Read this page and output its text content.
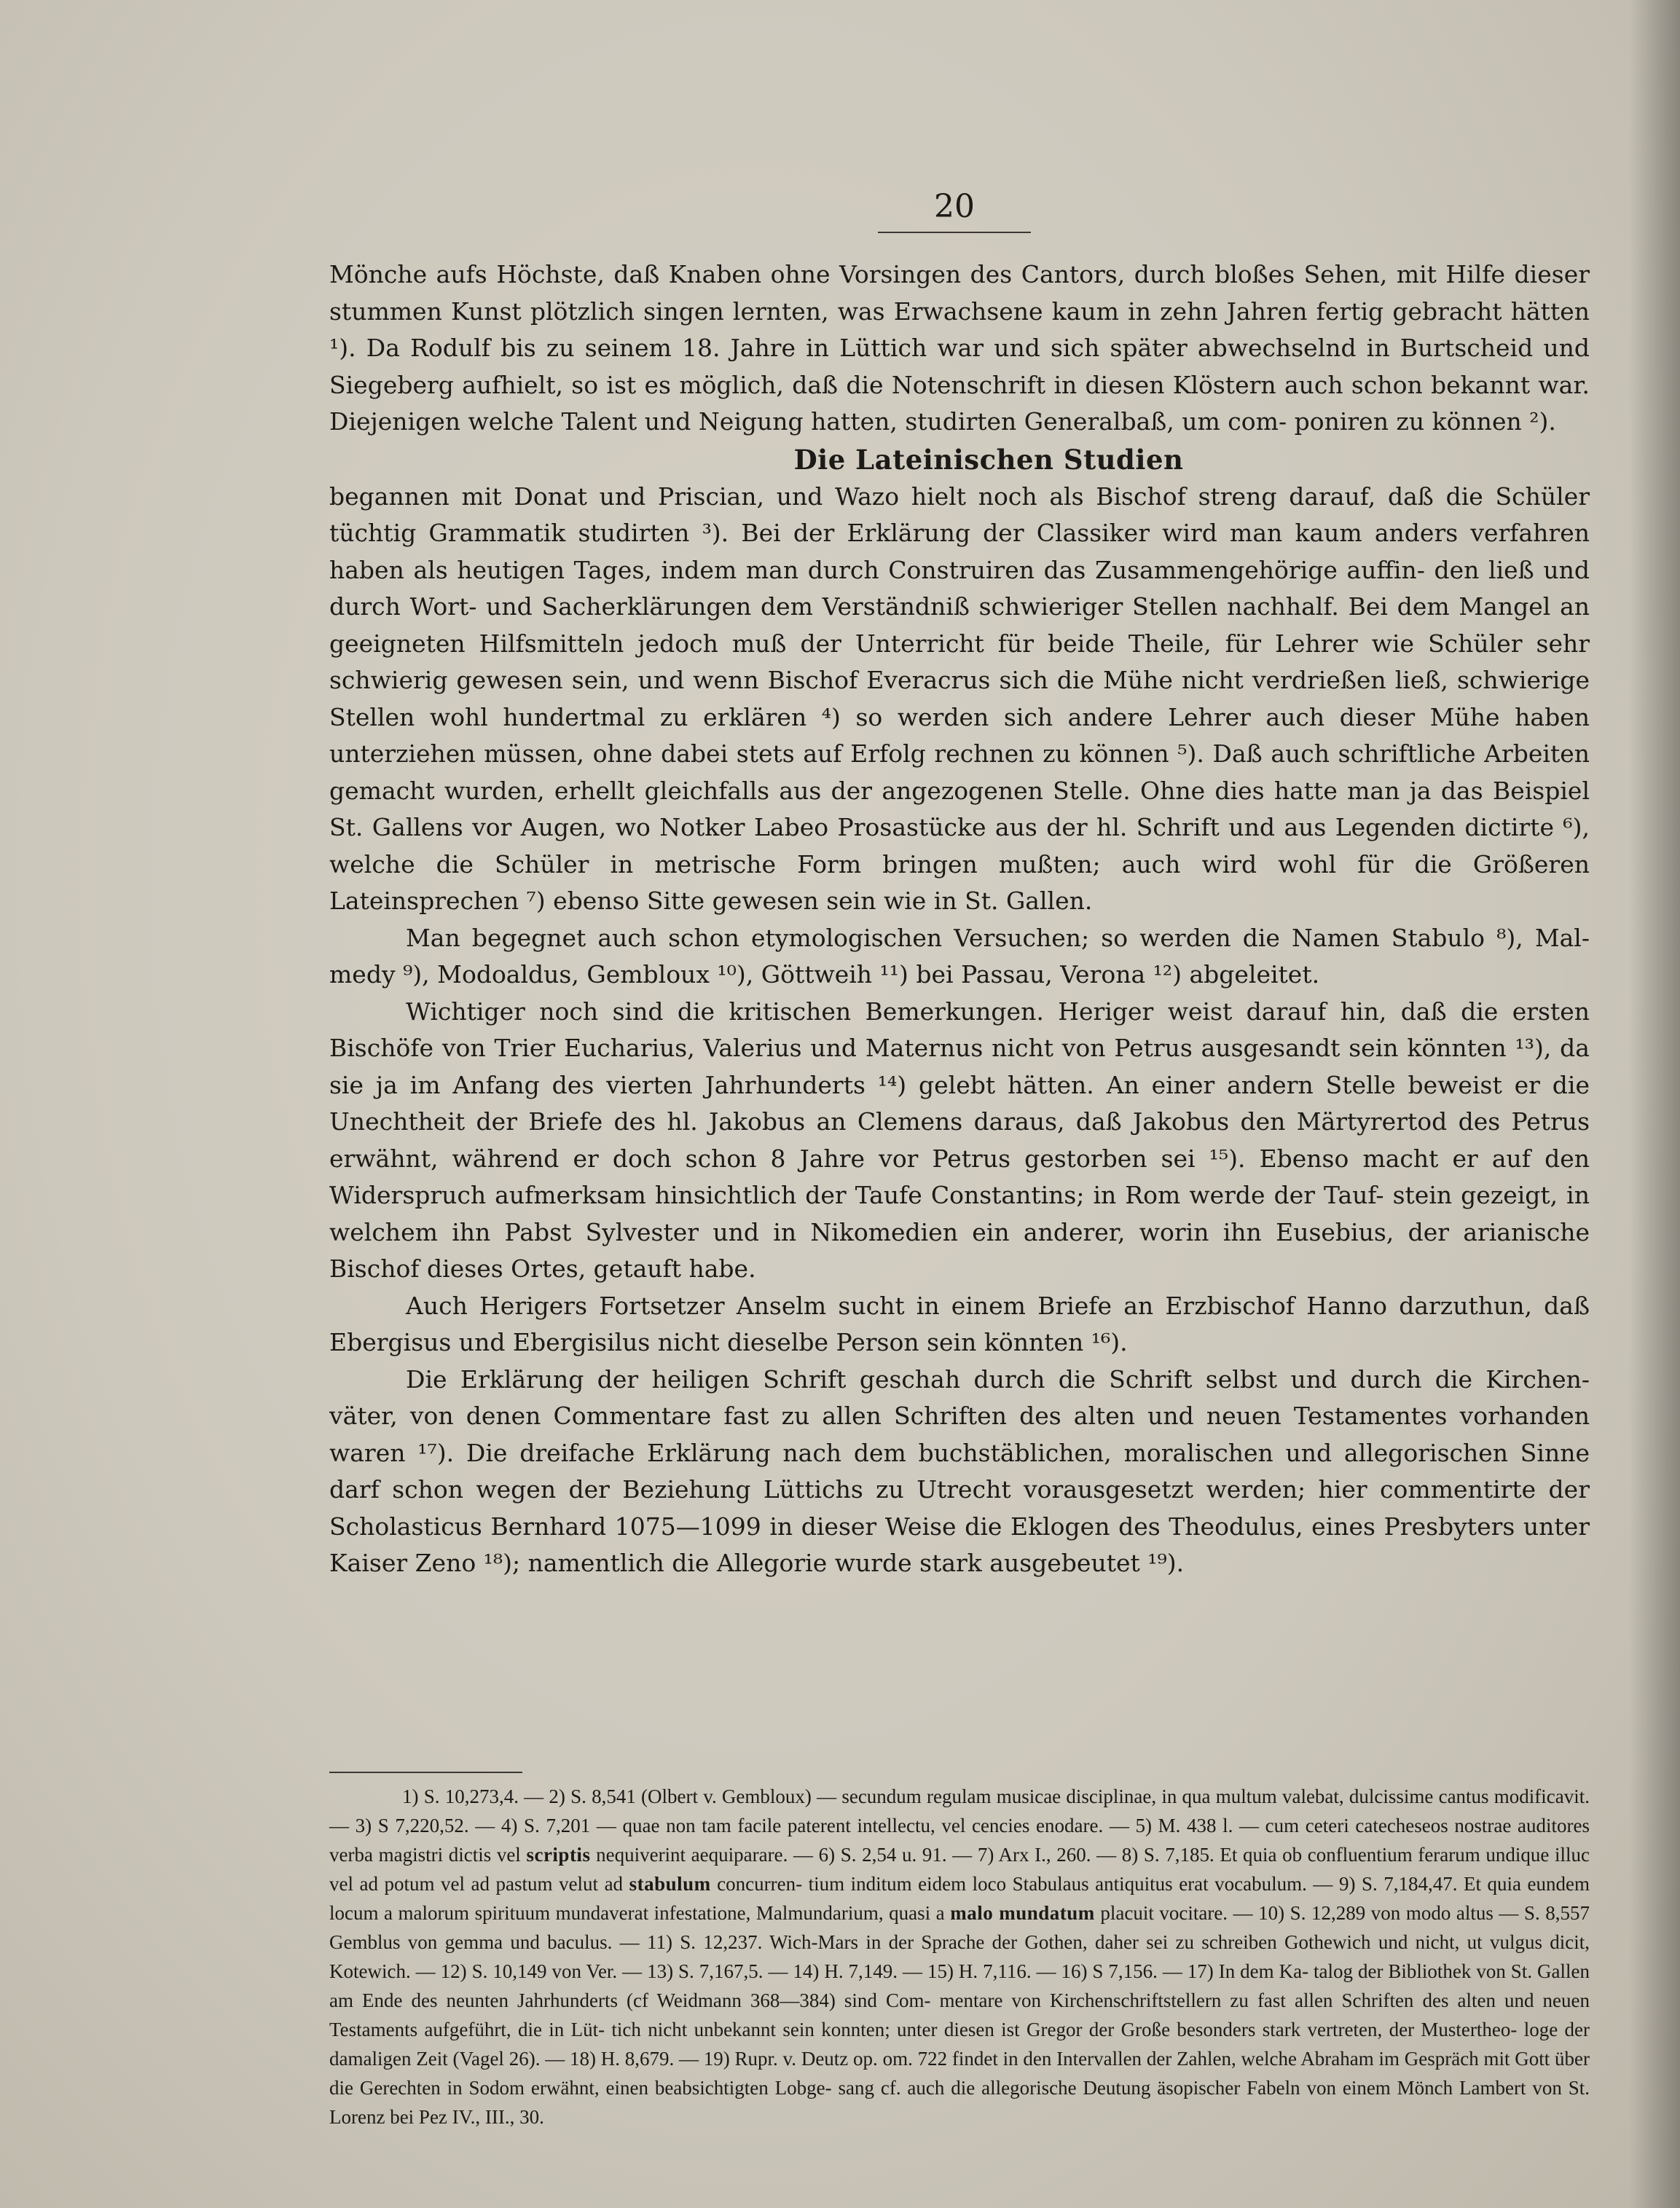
20

Mönche aufs Höchste, daß Knaben ohne Vorsingen des Cantors, durch bloßes Sehen, mit Hilfe dieser stummen Kunst plötzlich singen lernten, was Erwachsene kaum in zehn Jahren fertig gebracht hätten ¹). Da Rodulf bis zu seinem 18. Jahre in Lüttich war und sich später abwechselnd in Burtscheid und Siegeberg aufhielt, so ist es möglich, daß die Notenschrift in diesen Klöstern auch schon bekannt war. Diejenigen welche Talent und Neigung hatten, studirten Generalbaß, um com- poniren zu können ²).

Die Lateinischen Studien

begannen mit Donat und Priscian, und Wazo hielt noch als Bischof streng darauf, daß die Schüler tüchtig Grammatik studirten ³). Bei der Erklärung der Classiker wird man kaum anders verfahren haben als heutigen Tages, indem man durch Construiren das Zusammengehörige auffin- den ließ und durch Wort- und Sacherklärungen dem Verständniß schwieriger Stellen nachhalf. Bei dem Mangel an geeigneten Hilfsmitteln jedoch muß der Unterricht für beide Theile, für Lehrer wie Schüler sehr schwierig gewesen sein, und wenn Bischof Everacrus sich die Mühe nicht verdrießen ließ, schwierige Stellen wohl hundertmal zu erklären ⁴) so werden sich andere Lehrer auch dieser Mühe haben unterziehen müssen, ohne dabei stets auf Erfolg rechnen zu können ⁵). Daß auch schriftliche Arbeiten gemacht wurden, erhellt gleichfalls aus der angezogenen Stelle. Ohne dies hatte man ja das Beispiel St. Gallens vor Augen, wo Notker Labeo Prosastücke aus der hl. Schrift und aus Legenden dictirte ⁶), welche die Schüler in metrische Form bringen mußten; auch wird wohl für die Größeren Lateinsprechen ⁷) ebenso Sitte gewesen sein wie in St. Gallen.

Man begegnet auch schon etymologischen Versuchen; so werden die Namen Stabulo ⁸), Mal- medy ⁹), Modoaldus, Gembloux ¹⁰), Göttweih ¹¹) bei Passau, Verona ¹²) abgeleitet.

Wichtiger noch sind die kritischen Bemerkungen. Heriger weist darauf hin, daß die ersten Bischöfe von Trier Eucharius, Valerius und Maternus nicht von Petrus ausgesandt sein könnten ¹³), da sie ja im Anfang des vierten Jahrhunderts ¹⁴) gelebt hätten. An einer andern Stelle beweist er die Unechtheit der Briefe des hl. Jakobus an Clemens daraus, daß Jakobus den Märtyrertod des Petrus erwähnt, während er doch schon 8 Jahre vor Petrus gestorben sei ¹⁵). Ebenso macht er auf den Widerspruch aufmerksam hinsichtlich der Taufe Constantins; in Rom werde der Tauf- stein gezeigt, in welchem ihn Pabst Sylvester und in Nikomedien ein anderer, worin ihn Eusebius, der arianische Bischof dieses Ortes, getauft habe.

Auch Herigers Fortsetzer Anselm sucht in einem Briefe an Erzbischof Hanno darzuthun, daß Ebergisus und Ebergisilus nicht dieselbe Person sein könnten ¹⁶).

Die Erklärung der heiligen Schrift geschah durch die Schrift selbst und durch die Kirchen- väter, von denen Commentare fast zu allen Schriften des alten und neuen Testamentes vorhanden waren ¹⁷). Die dreifache Erklärung nach dem buchstäblichen, moralischen und allegorischen Sinne darf schon wegen der Beziehung Lüttichs zu Utrecht vorausgesetzt werden; hier commentirte der Scholasticus Bernhard 1075—1099 in dieser Weise die Eklogen des Theodulus, eines Presbyters unter Kaiser Zeno ¹⁸); namentlich die Allegorie wurde stark ausgebeutet ¹⁹).

1) S. 10,273,4. — 2) S. 8,541 (Olbert v. Gembloux) — secundum regulam musicae disciplinae, in qua multum valebat, dulcissime cantus modificavit. — 3) S 7,220,52. — 4) S. 7,201 — quae non tam facile paterent intellectu, vel cencies enodare. — 5) M. 438 l. — cum ceteri catecheseos nostrae auditores verba magistri dictis vel scriptis nequiverint aequiparare. — 6) S. 2,54 u. 91. — 7) Arx I., 260. — 8) S. 7,185. Et quia ob confluentium ferarum undique illuc vel ad potum vel ad pastum velut ad stabulum concurren- tium inditum eidem loco Stabulaus antiquitus erat vocabulum. — 9) S. 7,184,47. Et quia eundem locum a malorum spirituum mundaverat infestatione, Malmundarium, quasi a malo mundatum placuit vocitare. — 10) S. 12,289 von modo altus — S. 8,557 Gemblus von gemma und baculus. — 11) S. 12,237. Wich-Mars in der Sprache der Gothen, daher sei zu schreiben Gothewich und nicht, ut vulgus dicit, Kotewich. — 12) S. 10,149 von Ver. — 13) S. 7,167,5. — 14) H. 7,149. — 15) H. 7,116. — 16) S 7,156. — 17) In dem Ka- talog der Bibliothek von St. Gallen am Ende des neunten Jahrhunderts (cf Weidmann 368—384) sind Com- mentare von Kirchenschriftstellern zu fast allen Schriften des alten und neuen Testaments aufgeführt, die in Lüt- tich nicht unbekannt sein konnten; unter diesen ist Gregor der Große besonders stark vertreten, der Mustertheo- loge der damaligen Zeit (Vagel 26). — 18) H. 8,679. — 19) Rupr. v. Deutz op. om. 722 findet in den Intervallen der Zahlen, welche Abraham im Gespräch mit Gott über die Gerechten in Sodom erwähnt, einen beabsichtigten Lobge- sang cf. auch die allegorische Deutung äsopischer Fabeln von einem Mönch Lambert von St. Lorenz bei Pez IV., III., 30.
